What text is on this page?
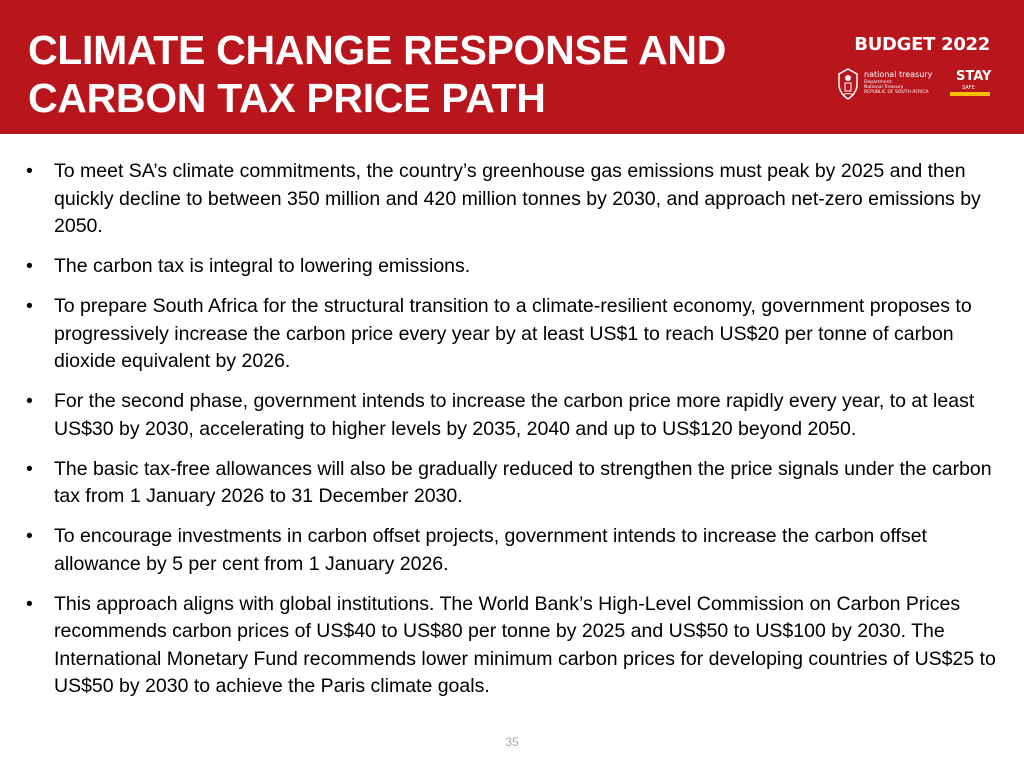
CLIMATE CHANGE RESPONSE AND
CARBON TAX PRICE PATH
BUDGET 2022
national treasury
Department:
National Treasury
REPUBLIC OF SOUTH AFRICA
STAY
SAFE
• To meet SA’s climate commitments, the country’s greenhouse gas emissions must peak by 2025 and then quickly decline to between 350 million and 420 million tonnes by 2030, and approach net-zero emissions by 2050.
• The carbon tax is integral to lowering emissions.
• To prepare South Africa for the structural transition to a climate-resilient economy, government proposes to progressively increase the carbon price every year by at least US$1 to reach US$20 per tonne of carbon dioxide equivalent by 2026.
• For the second phase, government intends to increase the carbon price more rapidly every year, to at least US$30 by 2030, accelerating to higher levels by 2035, 2040 and up to US$120 beyond 2050.
• The basic tax-free allowances will also be gradually reduced to strengthen the price signals under the carbon tax from 1 January 2026 to 31 December 2030.
• To encourage investments in carbon offset projects, government intends to increase the carbon offset allowance by 5 per cent from 1 January 2026.
• This approach aligns with global institutions. The World Bank’s High-Level Commission on Carbon Prices recommends carbon prices of US$40 to US$80 per tonne by 2025 and US$50 to US$100 by 2030. The International Monetary Fund recommends lower minimum carbon prices for developing countries of US$25 to US$50 by 2030 to achieve the Paris climate goals.
35
